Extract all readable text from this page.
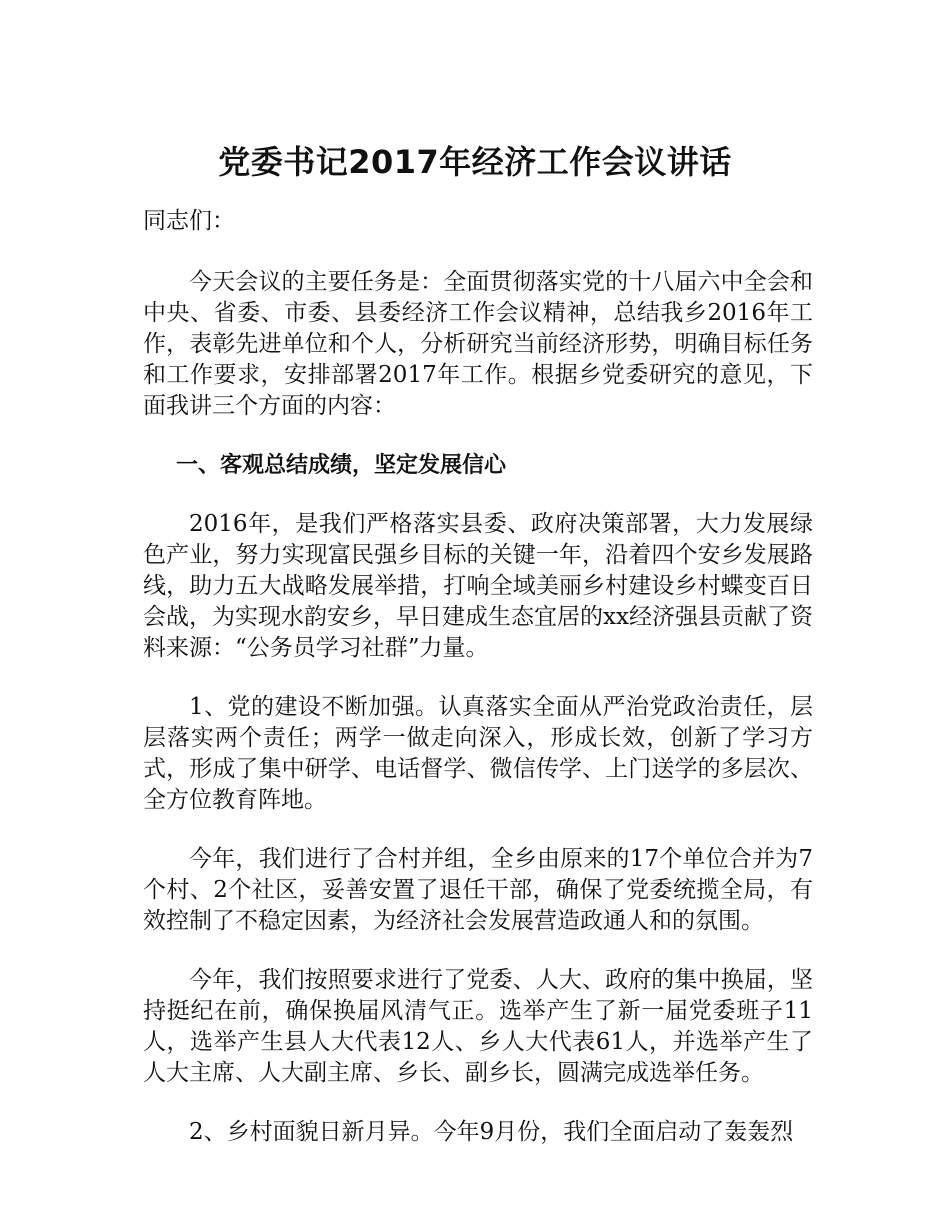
党委书记2017年经济工作会议讲话

同志们：

今天会议的主要任务是：全面贯彻落实党的十八届六中全会和中央、省委、市委、县委经济工作会议精神，总结我乡2016年工作，表彰先进单位和个人，分析研究当前经济形势，明确目标任务和工作要求，安排部署2017年工作。根据乡党委研究的意见，下面我讲三个方面的内容：

一、客观总结成绩，坚定发展信心

2016年，是我们严格落实县委、政府决策部署，大力发展绿色产业，努力实现富民强乡目标的关键一年，沿着四个安乡发展路线，助力五大战略发展举措，打响全域美丽乡村建设乡村蝶变百日会战，为实现水韵安乡，早日建成生态宜居的xx经济强县贡献了资料来源：“公务员学习社群”力量。

1、党的建设不断加强。认真落实全面从严治党政治责任，层层落实两个责任；两学一做走向深入，形成长效，创新了学习方式，形成了集中研学、电话督学、微信传学、上门送学的多层次、全方位教育阵地。

今年，我们进行了合村并组，全乡由原来的17个单位合并为7个村、2个社区，妥善安置了退任干部，确保了党委统揽全局，有效控制了不稳定因素，为经济社会发展营造政通人和的氛围。

今年，我们按照要求进行了党委、人大、政府的集中换届，坚持挺纪在前，确保换届风清气正。选举产生了新一届党委班子11人，选举产生县人大代表12人、乡人大代表61人，并选举产生了人大主席、人大副主席、乡长、副乡长，圆满完成选举任务。

2、乡村面貌日新月异。今年9月份，我们全面启动了轰轰烈
